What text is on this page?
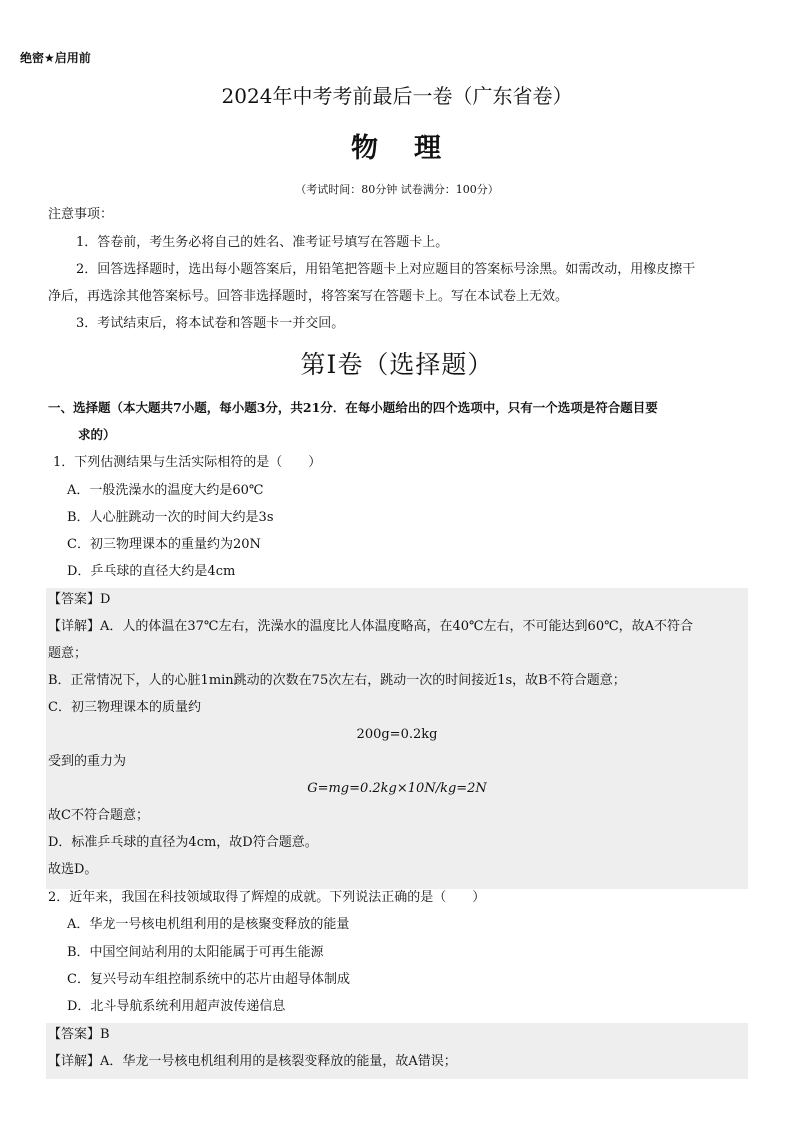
绝密★启用前
2024年中考考前最后一卷（广东省卷）
物 理
（考试时间：80分钟 试卷满分：100分）
注意事项：
1．答卷前，考生务必将自己的姓名、准考证号填写在答题卡上。
2．回答选择题时，选出每小题答案后，用铅笔把答题卡上对应题目的答案标号涂黑。如需改动，用橡皮擦干
净后，再选涂其他答案标号。回答非选择题时，将答案写在答题卡上。写在本试卷上无效。
3．考试结束后，将本试卷和答题卡一并交回。
第Ⅰ卷（选择题）
一、选择题（本大题共7小题，每小题3分，共21分．在每小题给出的四个选项中，只有一个选项是符合题目要
求的）
1．下列估测结果与生活实际相符的是（　　）
A．一般洗澡水的温度大约是60℃
B．人心脏跳动一次的时间大约是3s
C．初三物理课本的重量约为20N
D．乒乓球的直径大约是4cm
【答案】D
【详解】A．人的体温在37℃左右，洗澡水的温度比人体温度略高，在40℃左右，不可能达到60℃，故A不符合
题意；
B．正常情况下，人的心脏1min跳动的次数在75次左右，跳动一次的时间接近1s，故B不符合题意；
C．初三物理课本的质量约
200g=0.2kg
受到的重力为
G=mg=0.2kg×10N/kg=2N
故C不符合题意；
D．标准乒乓球的直径为4cm，故D符合题意。
故选D。
2．近年来，我国在科技领域取得了辉煌的成就。下列说法正确的是（　　）
A．华龙一号核电机组利用的是核聚变释放的能量
B．中国空间站利用的太阳能属于可再生能源
C．复兴号动车组控制系统中的芯片由超导体制成
D．北斗导航系统利用超声波传递信息
【答案】B
【详解】A．华龙一号核电机组利用的是核裂变释放的能量，故A错误；
